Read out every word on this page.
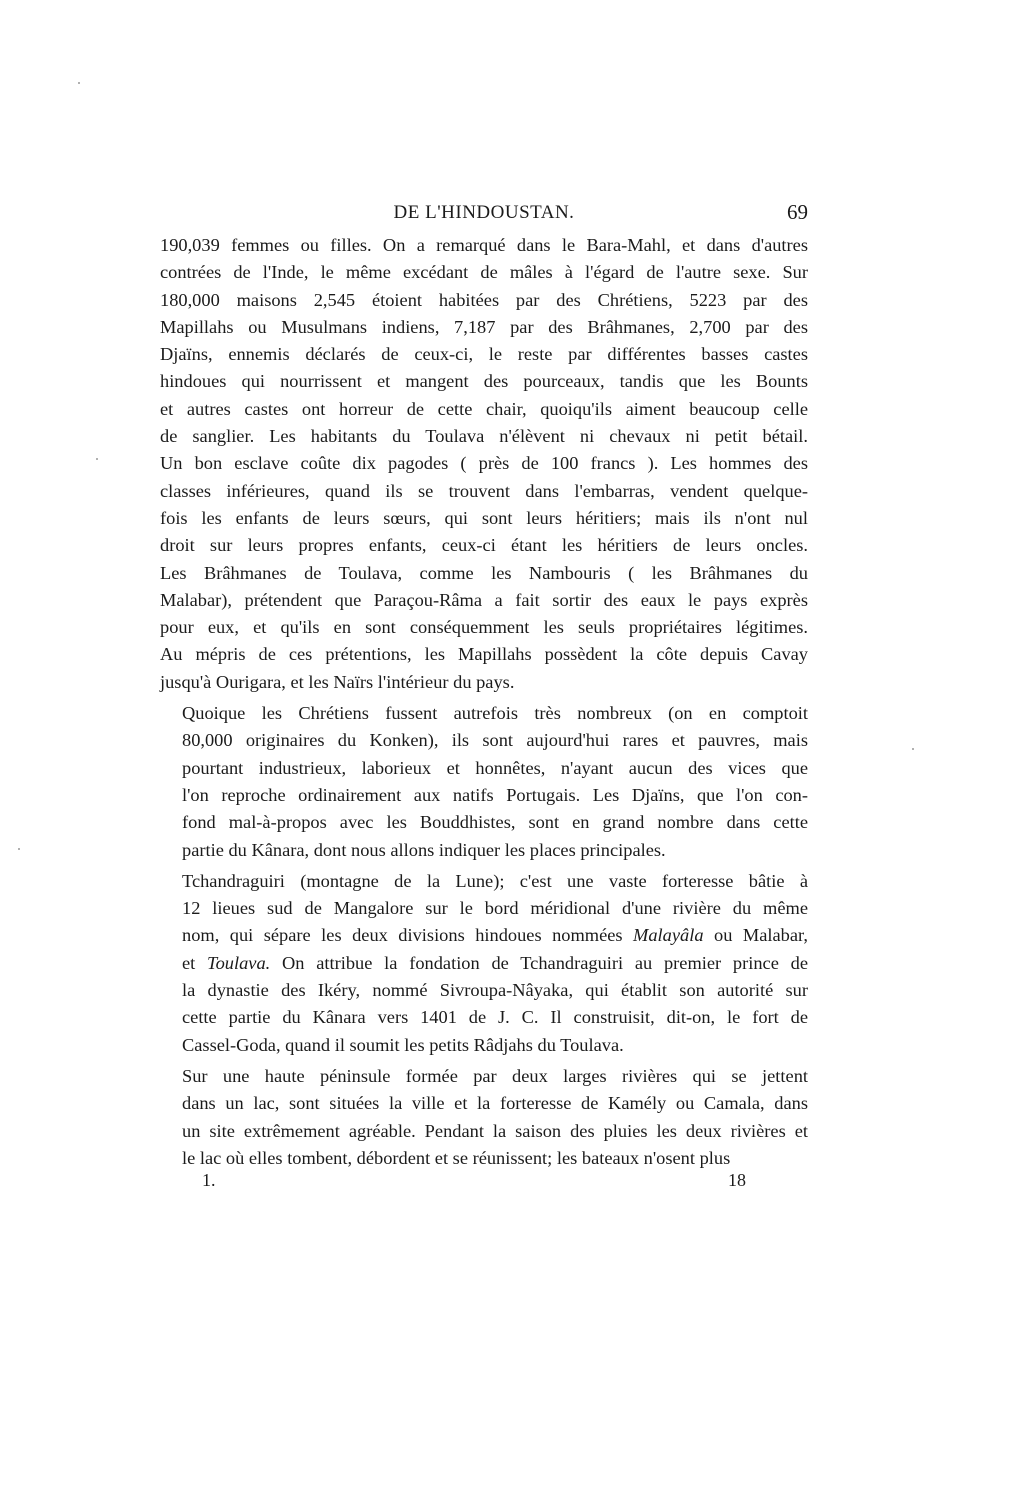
DE L'HINDOUSTAN.	69

190,039 femmes ou filles. On a remarqué dans le Bara-Mahl, et dans d'autres
contrées de l'Inde, le même excédant de mâles à l'égard de l'autre sexe. Sur
180,000 maisons 2,545 étoient habitées par des Chrétiens, 5223 par des
Mapillahs ou Musulmans indiens, 7,187 par des Brâhmanes, 2,700 par des
Djaïns, ennemis déclarés de ceux-ci, le reste par différentes basses castes
hindoues qui nourrissent et mangent des pourceaux, tandis que les Bounts
et autres castes ont horreur de cette chair, quoiqu'ils aiment beaucoup celle
de sanglier. Les habitants du Toulava n'élèvent ni chevaux ni petit bétail.
Un bon esclave coûte dix pagodes ( près de 100 francs ). Les hommes des
classes inférieures, quand ils se trouvent dans l'embarras, vendent quelque-
fois les enfants de leurs sœurs, qui sont leurs héritiers; mais ils n'ont nul
droit sur leurs propres enfants, ceux-ci étant les héritiers de leurs oncles.
Les Brâhmanes de Toulava, comme les Nambouris ( les Brâhmanes du
Malabar), prétendent que Paraçou-Râma a fait sortir des eaux le pays exprès
pour eux, et qu'ils en sont conséquemment les seuls propriétaires légitimes.
Au mépris de ces prétentions, les Mapillahs possèdent la côte depuis Cavay
jusqu'à Ourigara, et les Naïrs l'intérieur du pays.

Quoique les Chrétiens fussent autrefois très nombreux (on en comptoit
80,000 originaires du Konken), ils sont aujourd'hui rares et pauvres, mais
pourtant industrieux, laborieux et honnêtes, n'ayant aucun des vices que
l'on reproche ordinairement aux natifs Portugais. Les Djaïns, que l'on con-
fond mal-à-propos avec les Bouddhistes, sont en grand nombre dans cette
partie du Kânara, dont nous allons indiquer les places principales.

Tchandraguiri (montagne de la Lune); c'est une vaste forteresse bâtie à
12 lieues sud de Mangalore sur le bord méridional d'une rivière du même
nom, qui sépare les deux divisions hindoues nommées Malayâla ou Malabar,
et Toulava. On attribue la fondation de Tchandraguiri au premier prince de
la dynastie des Ikéry, nommé Sivroupa-Nâyaka, qui établit son autorité sur
cette partie du Kânara vers 1401 de J. C. Il construisit, dit-on, le fort de
Cassel-Goda, quand il soumit les petits Râdjahs du Toulava.

Sur une haute péninsule formée par deux larges rivières qui se jettent
dans un lac, sont situées la ville et la forteresse de Kamély ou Camala, dans
un site extrêmement agréable. Pendant la saison des pluies les deux rivières et
le lac où elles tombent, débordent et se réunissent; les bateaux n'osent plus

1.	18
